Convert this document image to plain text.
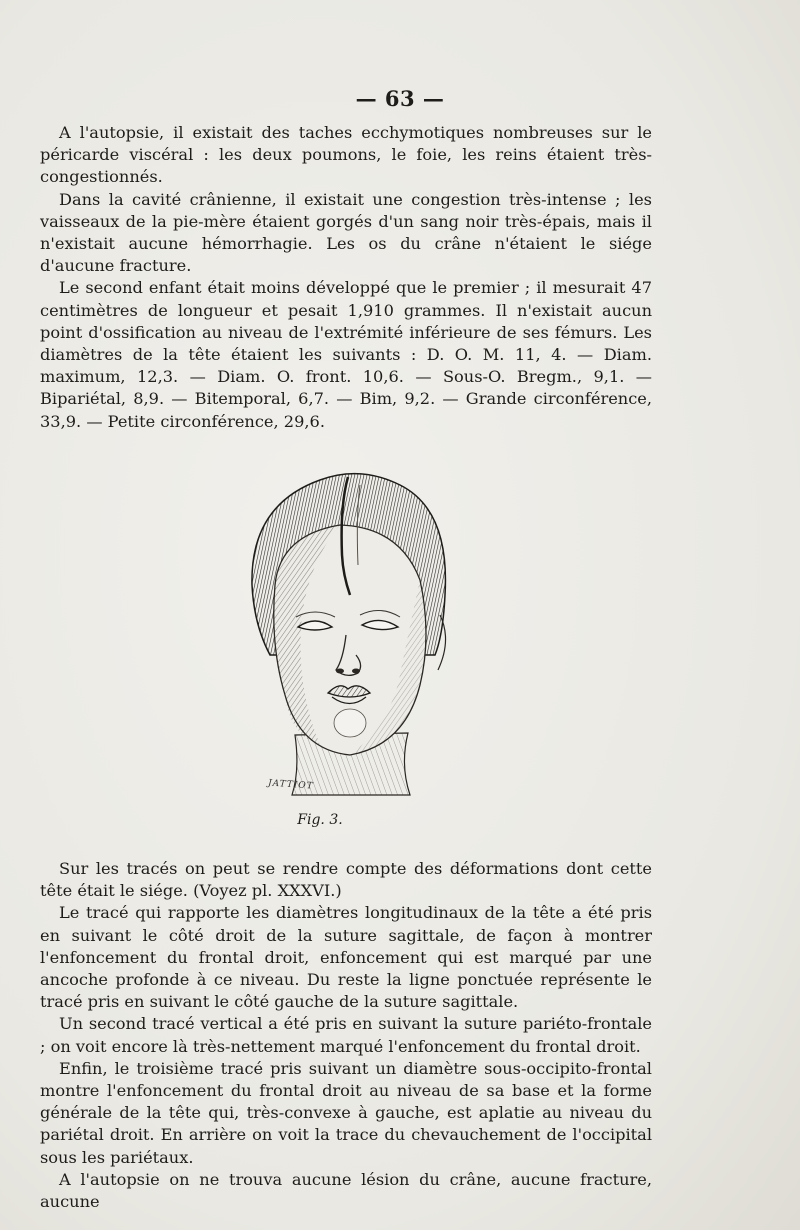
— 63 —

A l'autopsie, il existait des taches ecchymotiques nombreuses sur le péricarde viscéral : les deux poumons, le foie, les reins étaient très-congestionnés.

Dans la cavité crânienne, il existait une congestion très-intense ; les vaisseaux de la pie-mère étaient gorgés d'un sang noir très-épais, mais il n'existait aucune hémorrhagie. Les os du crâne n'étaient le siége d'aucune fracture.

Le second enfant était moins développé que le premier ; il mesurait 47 centimètres de longueur et pesait 1,910 grammes. Il n'existait aucun point d'ossification au niveau de l'extrémité inférieure de ses fémurs. Les diamètres de la tête étaient les suivants : D. O. M. 11, 4. — Diam. maximum, 12,3. — Diam. O. front. 10,6. — Sous-O. Bregm., 9,1. — Bipariétal, 8,9. — Bitemporal, 6,7. — Bim, 9,2. — Grande circonférence, 33,9. — Petite circonférence, 29,6.

JATTIOT
Fig. 3.

Sur les tracés on peut se rendre compte des déformations dont cette tête était le siége. (Voyez pl. XXXVI.)

Le tracé qui rapporte les diamètres longitudinaux de la tête a été pris en suivant le côté droit de la suture sagittale, de façon à montrer l'enfoncement du frontal droit, enfoncement qui est marqué par une ancoche profonde à ce niveau. Du reste la ligne ponctuée représente le tracé pris en suivant le côté gauche de la suture sagittale.

Un second tracé vertical a été pris en suivant la suture pariéto-frontale ; on voit encore là très-nettement marqué l'enfoncement du frontal droit.

Enfin, le troisième tracé pris suivant un diamètre sous-occipito-frontal montre l'enfoncement du frontal droit au niveau de sa base et la forme générale de la tête qui, très-convexe à gauche, est aplatie au niveau du pariétal droit. En arrière on voit la trace du chevauchement de l'occipital sous les pariétaux.

A l'autopsie on ne trouva aucune lésion du crâne, aucune fracture, aucune
